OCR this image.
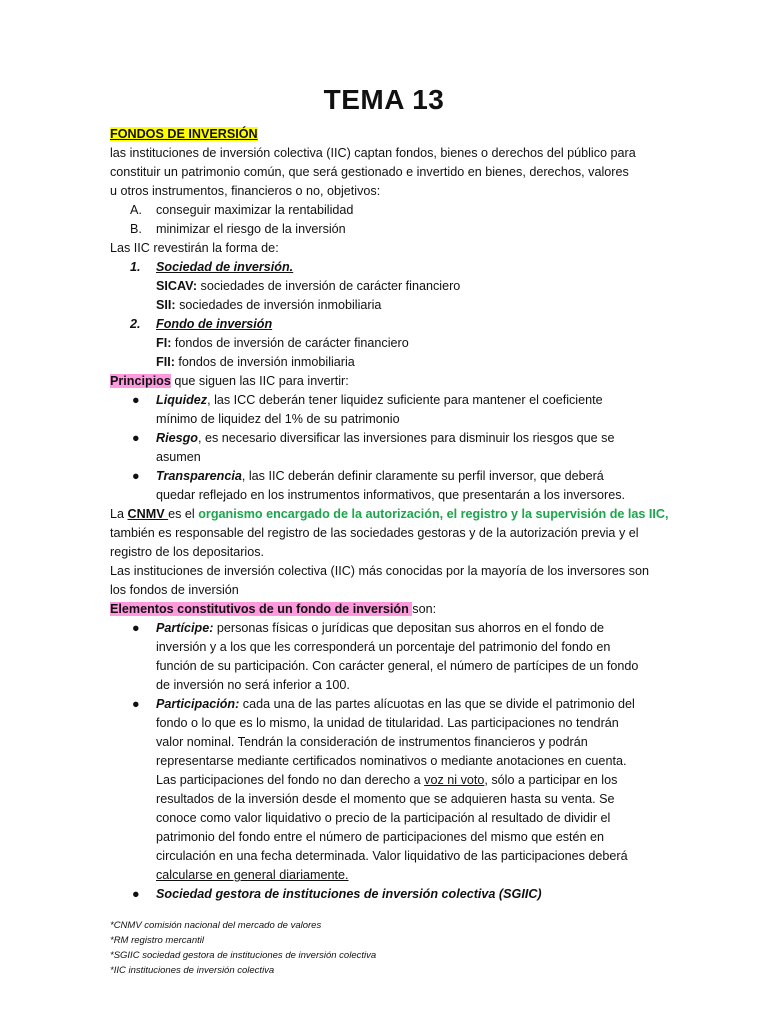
TEMA 13
FONDOS DE INVERSIÓN
las instituciones de inversión colectiva (IIC) captan fondos, bienes o derechos del público para
constituir un patrimonio común, que será gestionado e invertido en bienes, derechos, valores
u otros instrumentos, financieros o no, objetivos:
A. conseguir maximizar la rentabilidad
B. minimizar el riesgo de la inversión
Las IIC revestirán la forma de:
1. Sociedad de inversión.
SICAV: sociedades de inversión de carácter financiero
SII: sociedades de inversión inmobiliaria
2. Fondo de inversión
FI: fondos de inversión de carácter financiero
FII: fondos de inversión inmobiliaria
Principios que siguen las IIC para invertir:
● Liquidez, las ICC deberán tener liquidez suficiente para mantener el coeficiente
mínimo de liquidez del 1% de su patrimonio
● Riesgo, es necesario diversificar las inversiones para disminuir los riesgos que se
asumen
● Transparencia, las IIC deberán definir claramente su perfil inversor, que deberá
quedar reflejado en los instrumentos informativos, que presentarán a los inversores.
La CNMV es el organismo encargado de la autorización, el registro y la supervisión de las IIC,
también es responsable del registro de las sociedades gestoras y de la autorización previa y el
registro de los depositarios.
Las instituciones de inversión colectiva (IIC) más conocidas por la mayoría de los inversores son
los fondos de inversión
Elementos constitutivos de un fondo de inversión son:
● Partícipe: personas físicas o jurídicas que depositan sus ahorros en el fondo de
inversión y a los que les corresponderá un porcentaje del patrimonio del fondo en
función de su participación. Con carácter general, el número de partícipes de un fondo
de inversión no será inferior a 100.
● Participación: cada una de las partes alícuotas en las que se divide el patrimonio del
fondo o lo que es lo mismo, la unidad de titularidad. Las participaciones no tendrán
valor nominal. Tendrán la consideración de instrumentos financieros y podrán
representarse mediante certificados nominativos o mediante anotaciones en cuenta.
Las participaciones del fondo no dan derecho a voz ni voto, sólo a participar en los
resultados de la inversión desde el momento que se adquieren hasta su venta. Se
conoce como valor liquidativo o precio de la participación al resultado de dividir el
patrimonio del fondo entre el número de participaciones del mismo que estén en
circulación en una fecha determinada. Valor liquidativo de las participaciones deberá
calcularse en general diariamente.
● Sociedad gestora de instituciones de inversión colectiva (SGIIC)
*CNMV comisión nacional del mercado de valores
*RM registro mercantil
*SGIIC sociedad gestora de instituciones de inversión colectiva
*IIC instituciones de inversión colectiva
